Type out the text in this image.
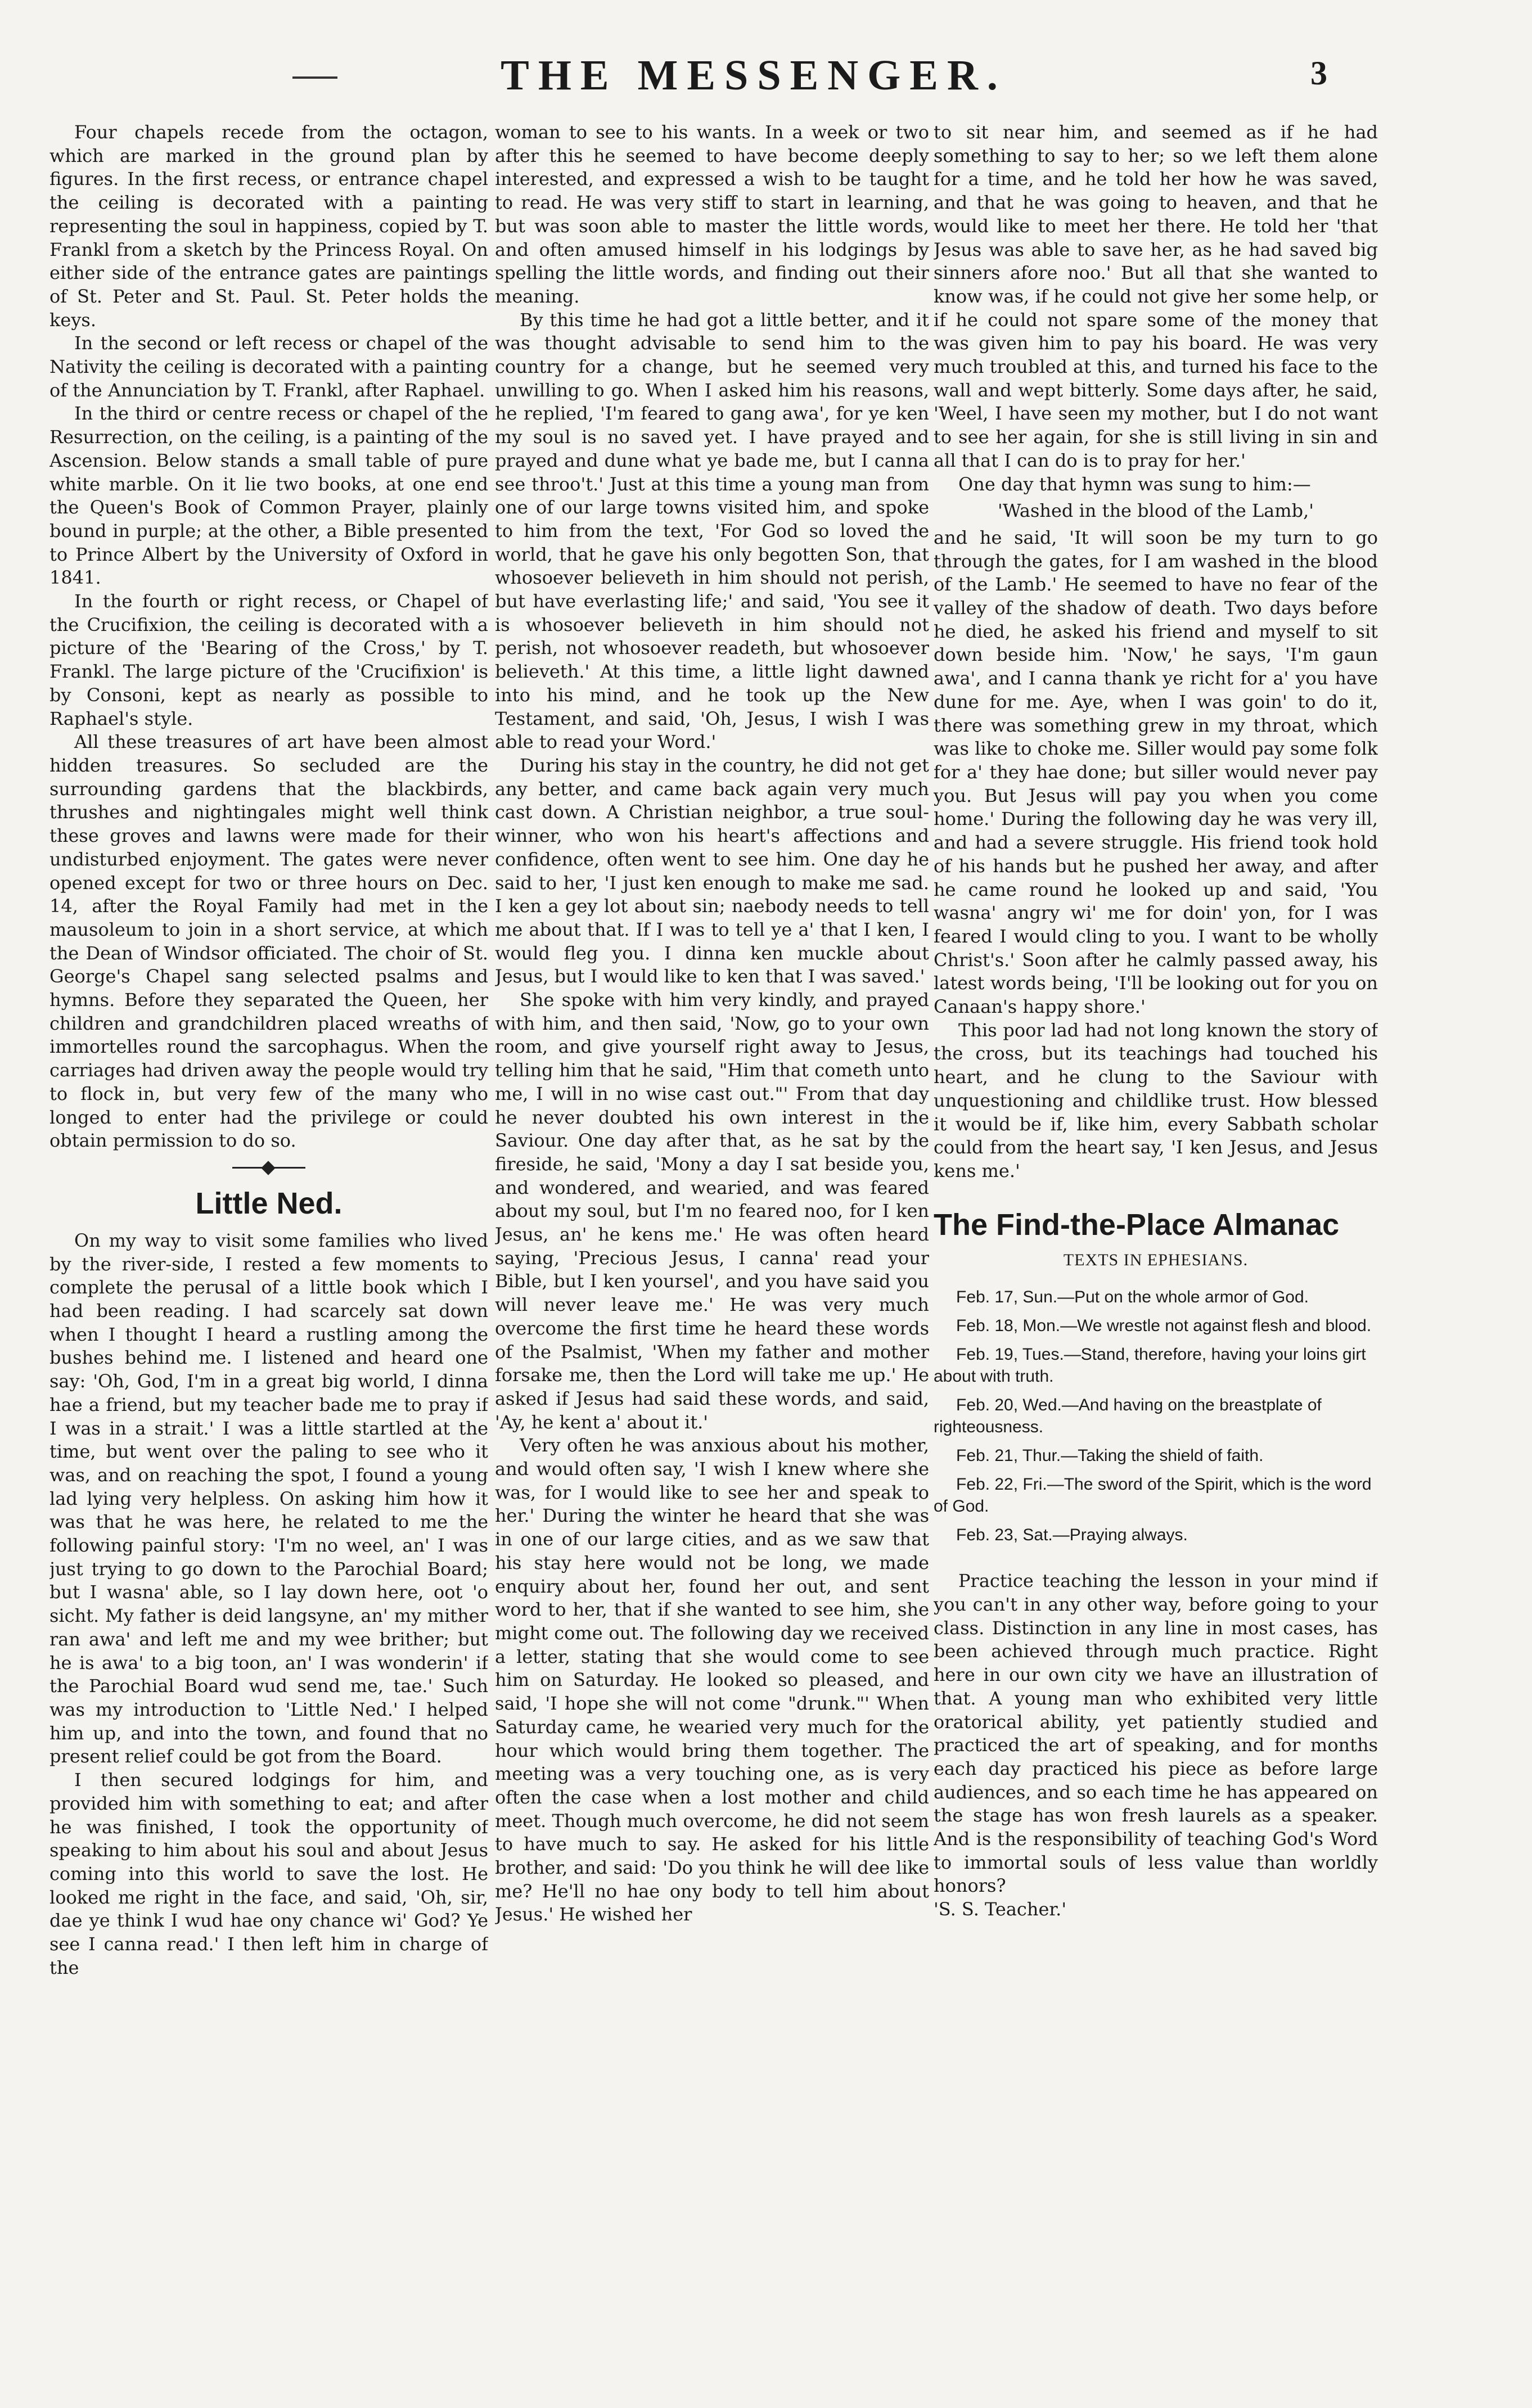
THE MESSENGER.	3

Four chapels recede from the octagon, which are marked in the ground plan by figures. In the first recess, or entrance chapel the ceiling is decorated with a painting representing the soul in happiness, copied by T. Frankl from a sketch by the Princess Royal. On either side of the entrance gates are paintings of St. Peter and St. Paul. St. Peter holds the keys.

In the second or left recess or chapel of the Nativity the ceiling is decorated with a painting of the Annunciation by T. Frankl, after Raphael.

In the third or centre recess or chapel of the Resurrection, on the ceiling, is a painting of the Ascension. Below stands a small table of pure white marble. On it lie two books, at one end the Queen's Book of Common Prayer, plainly bound in purple; at the other, a Bible presented to Prince Albert by the University of Oxford in 1841.

In the fourth or right recess, or Chapel of the Crucifixion, the ceiling is decorated with a picture of the 'Bearing of the Cross,' by T. Frankl. The large picture of the 'Crucifixion' is by Consoni, kept as nearly as possible to Raphael's style.

All these treasures of art have been almost hidden treasures. So secluded are the surrounding gardens that the blackbirds, thrushes and nightingales might well think these groves and lawns were made for their undisturbed enjoyment. The gates were never opened except for two or three hours on Dec. 14, after the Royal Family had met in the mausoleum to join in a short service, at which the Dean of Windsor officiated. The choir of St. George's Chapel sang selected psalms and hymns. Before they separated the Queen, her children and grandchildren placed wreaths of immortelles round the sarcophagus. When the carriages had driven away the people would try to flock in, but very few of the many who longed to enter had the privilege or could obtain permission to do so.

Little Ned.

On my way to visit some families who lived by the river-side, I rested a few moments to complete the perusal of a little book which I had been reading. I had scarcely sat down when I thought I heard a rustling among the bushes behind me. I listened and heard one say: 'Oh, God, I'm in a great big world, I dinna hae a friend, but my teacher bade me to pray if I was in a strait.' I was a little startled at the time, but went over the paling to see who it was, and on reaching the spot, I found a young lad lying very helpless. On asking him how it was that he was here, he related to me the following painful story: 'I'm no weel, an' I was just trying to go down to the Parochial Board; but I wasna' able, so I lay down here, oot 'o sicht. My father is deid langsyne, an' my mither ran awa' and left me and my wee brither; but he is awa' to a big toon, an' I was wonderin' if the Parochial Board wud send me, tae.' Such was my introduction to 'Little Ned.' I helped him up, and into the town, and found that no present relief could be got from the Board.

I then secured lodgings for him, and provided him with something to eat; and after he was finished, I took the opportunity of speaking to him about his soul and about Jesus coming into this world to save the lost. He looked me right in the face, and said, 'Oh, sir, dae ye think I wud hae ony chance wi' God? Ye see I canna read.' I then left him in charge of the

woman to see to his wants. In a week or two after this he seemed to have become deeply interested, and expressed a wish to be taught to read. He was very stiff to start in learning, but was soon able to master the little words, and often amused himself in his lodgings by spelling the little words, and finding out their meaning.

By this time he had got a little better, and it was thought advisable to send him to the country for a change, but he seemed very unwilling to go. When I asked him his reasons, he replied, 'I'm feared to gang awa', for ye ken my soul is no saved yet. I have prayed and prayed and dune what ye bade me, but I canna see throo't.' Just at this time a young man from one of our large towns visited him, and spoke to him from the text, 'For God so loved the world, that he gave his only begotten Son, that whosoever believeth in him should not perish, but have everlasting life;' and said, 'You see it is whosoever believeth in him should not perish, not whosoever readeth, but whosoever believeth.' At this time, a little light dawned into his mind, and he took up the New Testament, and said, 'Oh, Jesus, I wish I was able to read your Word.'

During his stay in the country, he did not get any better, and came back again very much cast down. A Christian neighbor, a true soul-winner, who won his heart's affections and confidence, often went to see him. One day he said to her, 'I just ken enough to make me sad. I ken a gey lot about sin; naebody needs to tell me about that. If I was to tell ye a' that I ken, I would fleg you. I dinna ken muckle about Jesus, but I would like to ken that I was saved.'

She spoke with him very kindly, and prayed with him, and then said, 'Now, go to your own room, and give yourself right away to Jesus, telling him that he said, "Him that cometh unto me, I will in no wise cast out."' From that day he never doubted his own interest in the Saviour. One day after that, as he sat by the fireside, he said, 'Mony a day I sat beside you, and wondered, and wearied, and was feared about my soul, but I'm no feared noo, for I ken Jesus, an' he kens me.' He was often heard saying, 'Precious Jesus, I canna' read your Bible, but I ken yoursel', and you have said you will never leave me.' He was very much overcome the first time he heard these words of the Psalmist, 'When my father and mother forsake me, then the Lord will take me up.' He asked if Jesus had said these words, and said, 'Ay, he kent a' about it.'

Very often he was anxious about his mother, and would often say, 'I wish I knew where she was, for I would like to see her and speak to her.' During the winter he heard that she was in one of our large cities, and as we saw that his stay here would not be long, we made enquiry about her, found her out, and sent word to her, that if she wanted to see him, she might come out. The following day we received a letter, stating that she would come to see him on Saturday. He looked so pleased, and said, 'I hope she will not come "drunk."' When Saturday came, he wearied very much for the hour which would bring them together. The meeting was a very touching one, as is very often the case when a lost mother and child meet. Though much overcome, he did not seem to have much to say. He asked for his little brother, and said: 'Do you think he will dee like me? He'll no hae ony body to tell him about Jesus.' He wished her

to sit near him, and seemed as if he had something to say to her; so we left them alone for a time, and he told her how he was saved, and that he was going to heaven, and that he would like to meet her there. He told her 'that Jesus was able to save her, as he had saved big sinners afore noo.' But all that she wanted to know was, if he could not give her some help, or if he could not spare some of the money that was given him to pay his board. He was very much troubled at this, and turned his face to the wall and wept bitterly. Some days after, he said, 'Weel, I have seen my mother, but I do not want to see her again, for she is still living in sin and all that I can do is to pray for her.'

One day that hymn was sung to him:—

'Washed in the blood of the Lamb,'

and he said, 'It will soon be my turn to go through the gates, for I am washed in the blood of the Lamb.' He seemed to have no fear of the valley of the shadow of death. Two days before he died, he asked his friend and myself to sit down beside him. 'Now,' he says, 'I'm gaun awa', and I canna thank ye richt for a' you have dune for me. Aye, when I was goin' to do it, there was something grew in my throat, which was like to choke me. Siller would pay some folk for a' they hae done; but siller would never pay you. But Jesus will pay you when you come home.' During the following day he was very ill, and had a severe struggle. His friend took hold of his hands but he pushed her away, and after he came round he looked up and said, 'You wasna' angry wi' me for doin' yon, for I was feared I would cling to you. I want to be wholly Christ's.' Soon after he calmly passed away, his latest words being, 'I'll be looking out for you on Canaan's happy shore.'

This poor lad had not long known the story of the cross, but its teachings had touched his heart, and he clung to the Saviour with unquestioning and childlike trust. How blessed it would be if, like him, every Sabbath scholar could from the heart say, 'I ken Jesus, and Jesus kens me.'

The Find-the-Place Almanac
TEXTS IN EPHESIANS.
Feb. 17, Sun.—Put on the whole armor of God.
Feb. 18, Mon.—We wrestle not against flesh and blood.
Feb. 19, Tues.—Stand, therefore, having your loins girt about with truth.
Feb. 20, Wed.—And having on the breastplate of righteousness.
Feb. 21, Thur.—Taking the shield of faith.
Feb. 22, Fri.—The sword of the Spirit, which is the word of God.
Feb. 23, Sat.—Praying always.

Practice teaching the lesson in your mind if you can't in any other way, before going to your class. Distinction in any line in most cases, has been achieved through much practice. Right here in our own city we have an illustration of that. A young man who exhibited very little oratorical ability, yet patiently studied and practiced the art of speaking, and for months each day practiced his piece as before large audiences, and so each time he has appeared on the stage has won fresh laurels as a speaker. And is the responsibility of teaching God's Word to immortal souls of less value than worldly honors?

'S. S. Teacher.'
